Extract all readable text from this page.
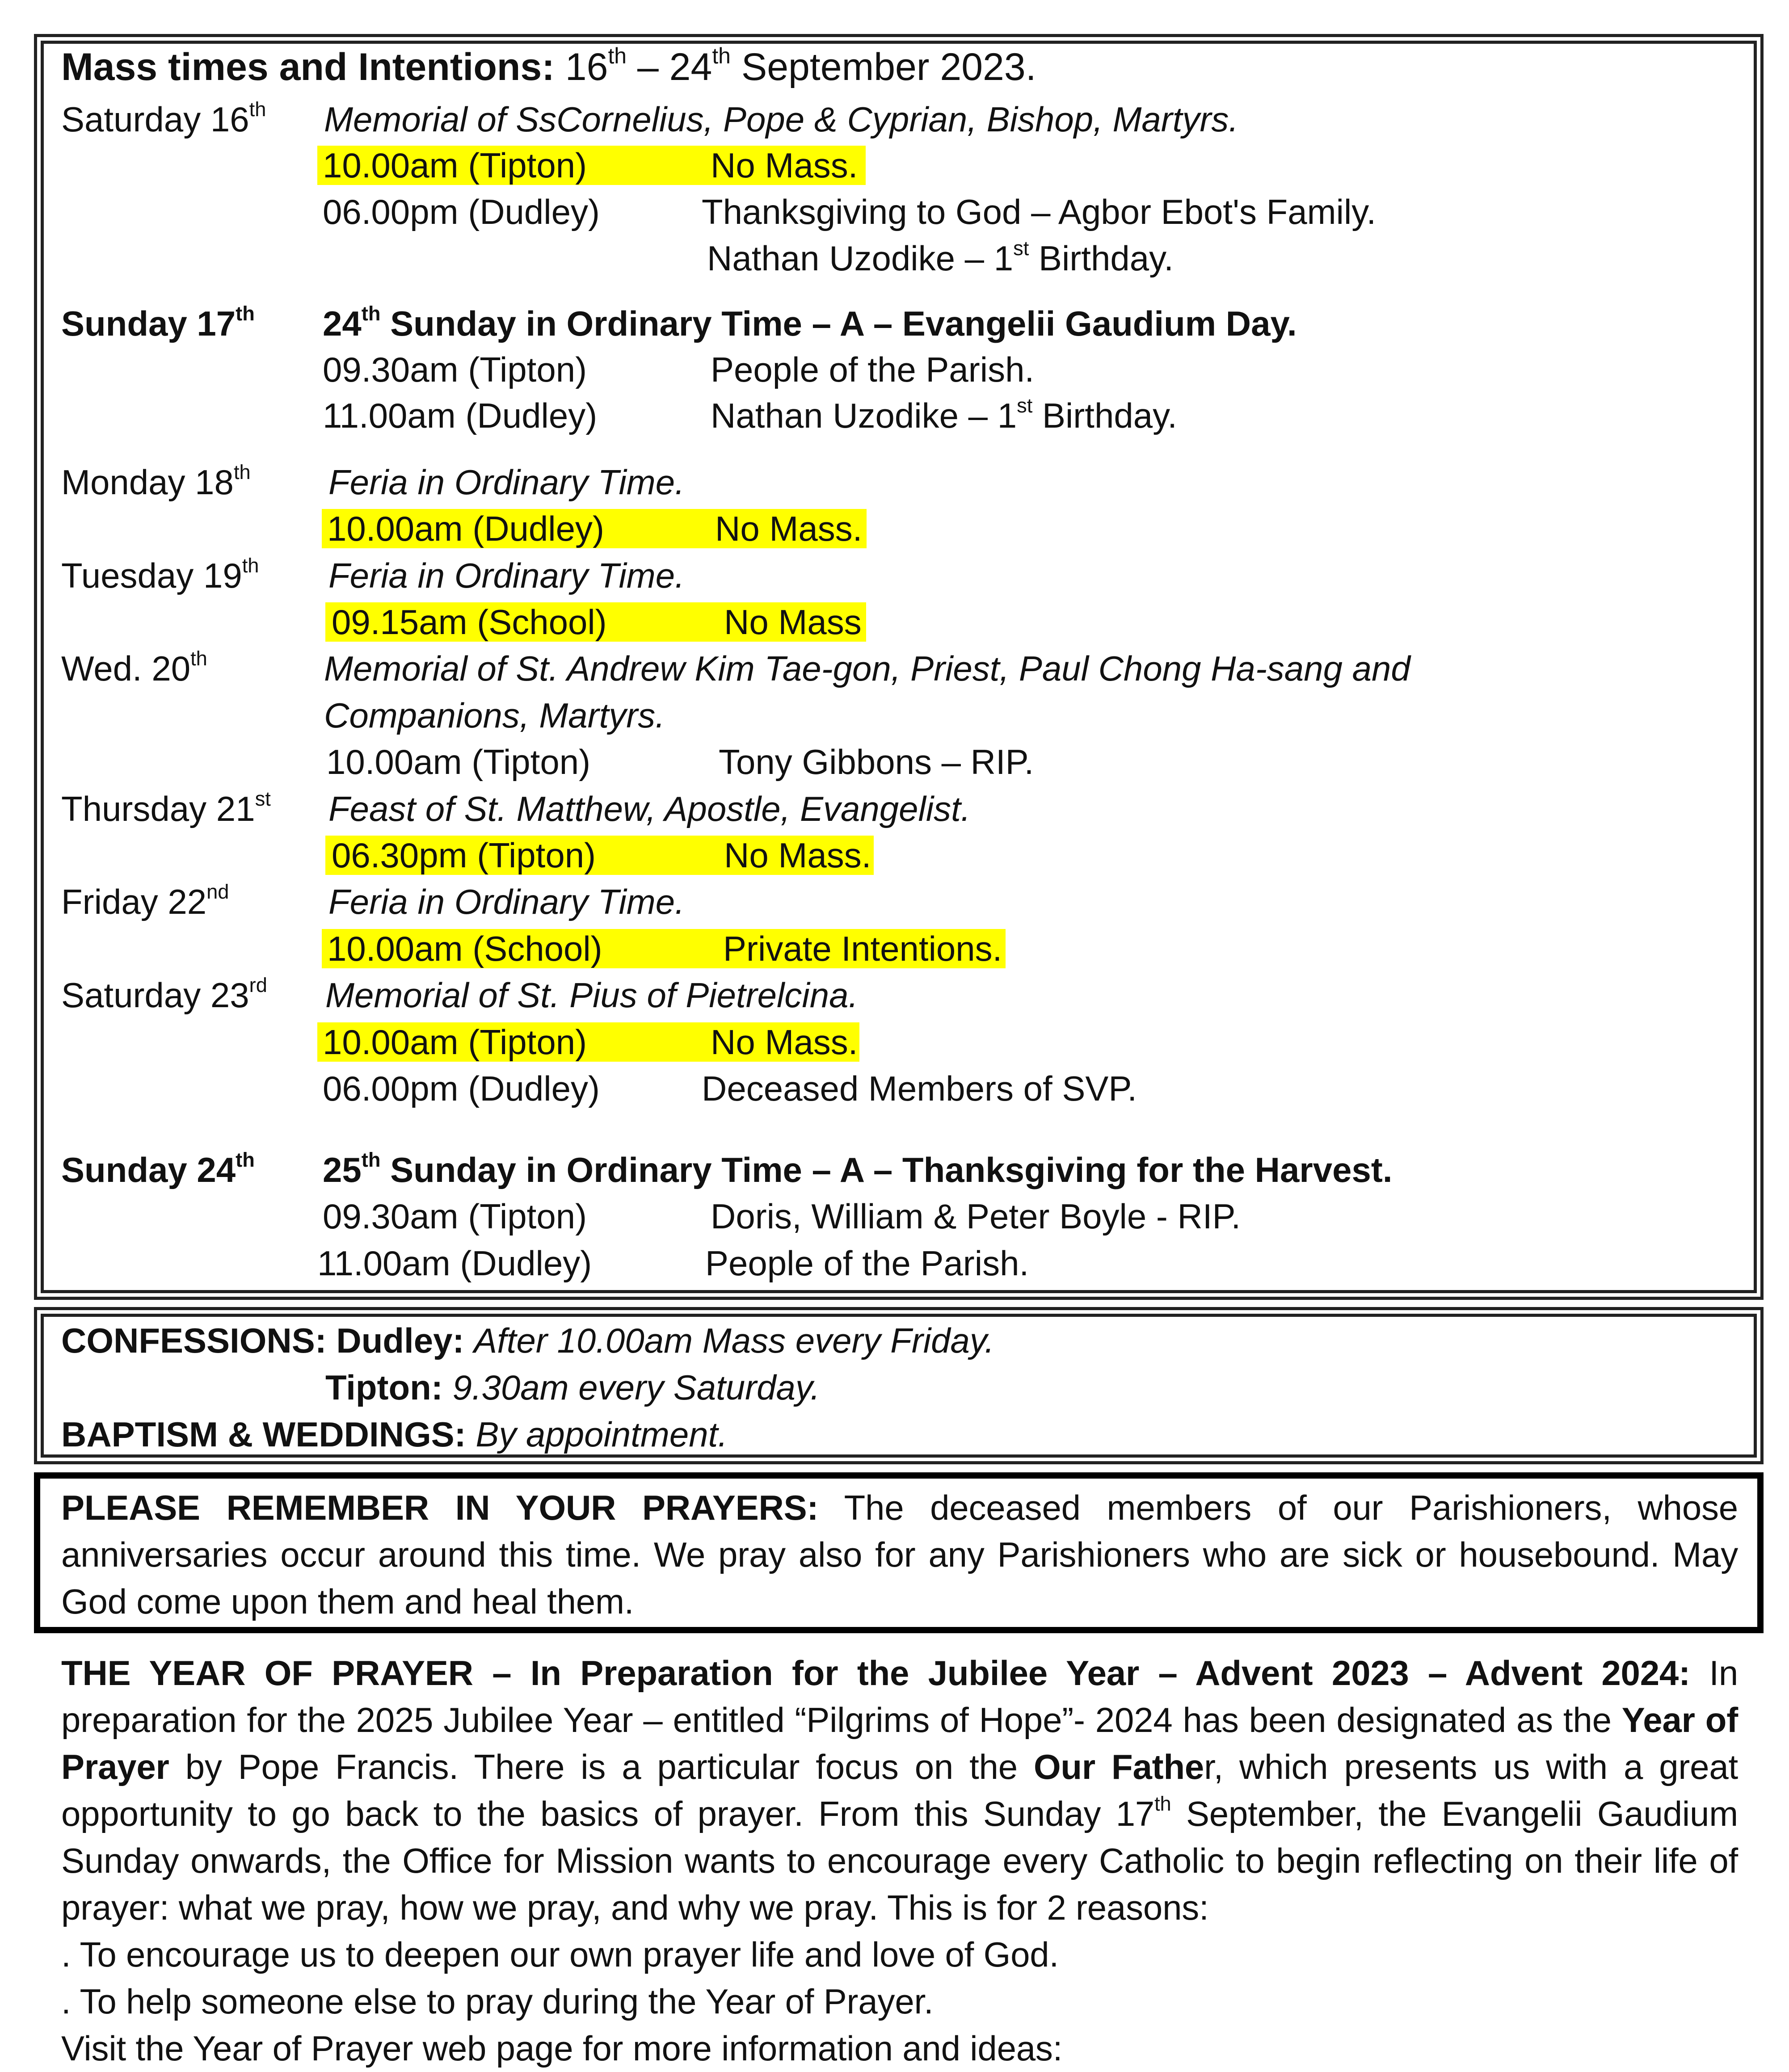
Mass times and Intentions: 16th – 24th September 2023.
Saturday 16th Memorial of SsCornelius, Pope & Cyprian, Bishop, Martyrs.
10.00am (Tipton)	No Mass.
06.00pm (Dudley)	Thanksgiving to God – Agbor Ebot's Family.
Nathan Uzodike – 1st Birthday.
Sunday 17th 24th Sunday in Ordinary Time – A – Evangelii Gaudium Day.
09.30am (Tipton)	People of the Parish.
11.00am (Dudley)	Nathan Uzodike – 1st Birthday.
Monday 18th Feria in Ordinary Time.
10.00am (Dudley)	No Mass.
Tuesday 19th Feria in Ordinary Time.
09.15am (School)	No Mass
Wed. 20th	Memorial of St. Andrew Kim Tae-gon, Priest, Paul Chong Ha-sang and
Companions, Martyrs.
10.00am (Tipton)	Tony Gibbons – RIP.
Thursday 21st Feast of St. Matthew, Apostle, Evangelist.
06.30pm (Tipton)	No Mass.
Friday 22nd	Feria in Ordinary Time.
10.00am (School)	Private Intentions.
Saturday 23rd Memorial of St. Pius of Pietrelcina.
10.00am (Tipton)	No Mass.
06.00pm (Dudley)	Deceased Members of SVP.
Sunday 24th 25th Sunday in Ordinary Time – A – Thanksgiving for the Harvest.
09.30am (Tipton)	Doris, William & Peter Boyle - RIP.
11.00am (Dudley)	People of the Parish.
CONFESSIONS: Dudley: After 10.00am Mass every Friday.
Tipton: 9.30am every Saturday.
BAPTISM & WEDDINGS: By appointment.

PLEASE REMEMBER IN YOUR PRAYERS: The deceased members of our Parishioners, whose anniversaries occur around this time. We pray also for any Parishioners who are sick or housebound. May God come upon them and heal them.

THE YEAR OF PRAYER – In Preparation for the Jubilee Year – Advent 2023 – Advent 2024: In preparation for the 2025 Jubilee Year – entitled “Pilgrims of Hope”- 2024 has been designated as the Year of Prayer by Pope Francis. There is a particular focus on the Our Father, which presents us with a great opportunity to go back to the basics of prayer. From this Sunday 17th September, the Evangelii Gaudium Sunday onwards, the Office for Mission wants to encourage every Catholic to begin reflecting on their life of prayer: what we pray, how we pray, and why we pray. This is for 2 reasons:

. To encourage us to deepen our own prayer life and love of God.

. To help someone else to pray during the Year of Prayer.

Visit the Year of Prayer web page for more information and ideas:
